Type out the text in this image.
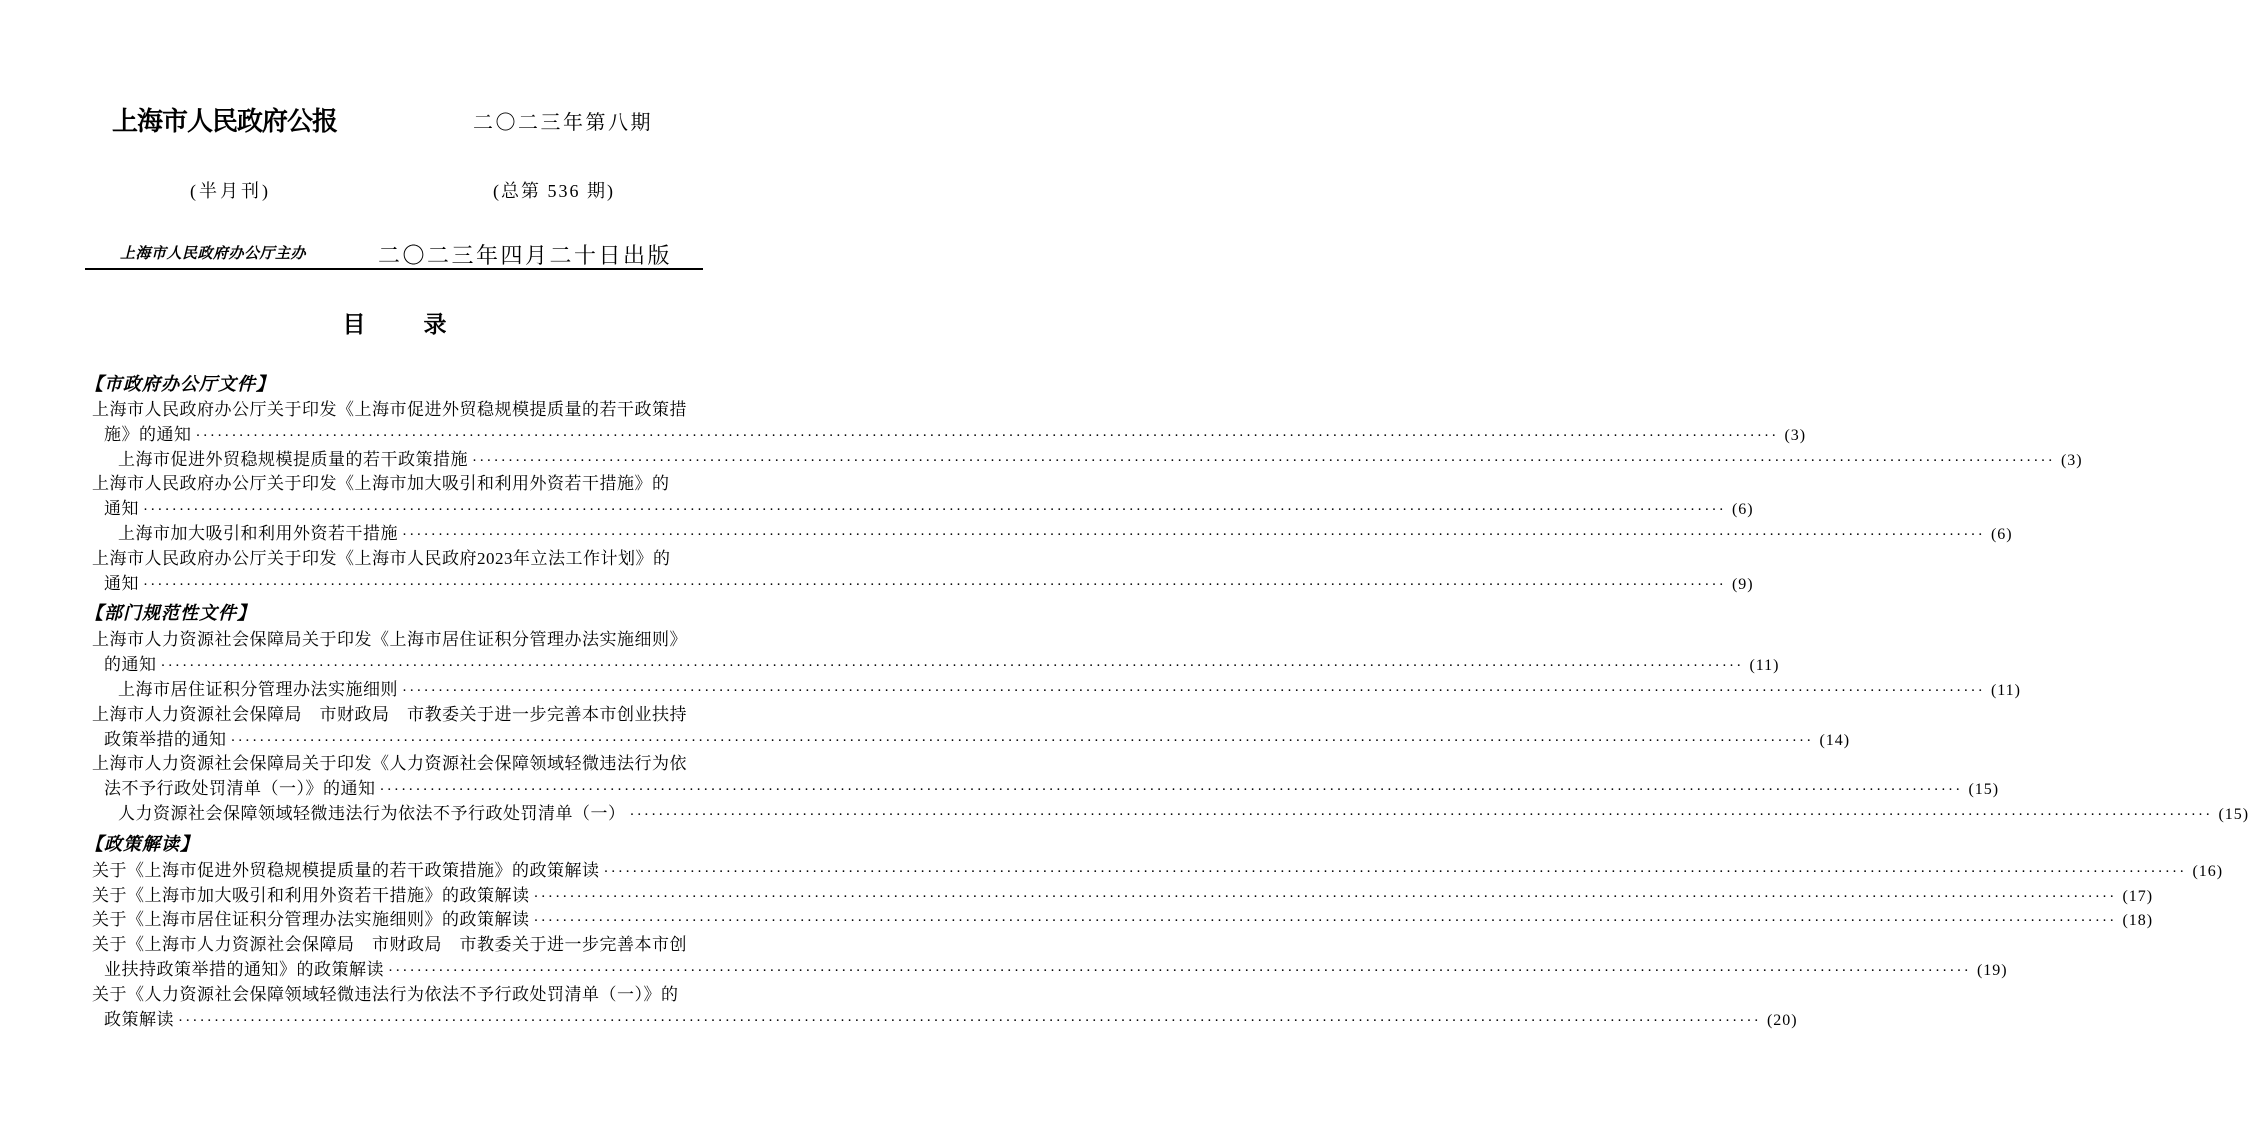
上海市人民政府公报	二〇二三年第八期
(半月刊)	(总第 536 期)
上海市人民政府办公厅主办	二〇二三年四月二十日出版
目　　录
【市政府办公厅文件】
上海市人民政府办公厅关于印发《上海市促进外贸稳规模提质量的若干政策措
施》的通知 ···························································································································································································································· (3)
上海市促进外贸稳规模提质量的若干政策措施 ···························································································································································································································· (3)
上海市人民政府办公厅关于印发《上海市加大吸引和利用外资若干措施》的
通知 ···························································································································································································································· (6)
上海市加大吸引和利用外资若干措施 ···························································································································································································································· (6)
上海市人民政府办公厅关于印发《上海市人民政府2023年立法工作计划》的
通知 ···························································································································································································································· (9)
【部门规范性文件】
上海市人力资源社会保障局关于印发《上海市居住证积分管理办法实施细则》
的通知 ···························································································································································································································· (11)
上海市居住证积分管理办法实施细则 ···························································································································································································································· (11)
上海市人力资源社会保障局　市财政局　市教委关于进一步完善本市创业扶持
政策举措的通知 ···························································································································································································································· (14)
上海市人力资源社会保障局关于印发《人力资源社会保障领域轻微违法行为依
法不予行政处罚清单（一）》的通知 ···························································································································································································································· (15)
人力资源社会保障领域轻微违法行为依法不予行政处罚清单（一） ···························································································································································································································· (15)
【政策解读】
关于《上海市促进外贸稳规模提质量的若干政策措施》的政策解读 ···························································································································································································································· (16)
关于《上海市加大吸引和利用外资若干措施》的政策解读 ···························································································································································································································· (17)
关于《上海市居住证积分管理办法实施细则》的政策解读 ···························································································································································································································· (18)
关于《上海市人力资源社会保障局　市财政局　市教委关于进一步完善本市创
业扶持政策举措的通知》的政策解读 ···························································································································································································································· (19)
关于《人力资源社会保障领域轻微违法行为依法不予行政处罚清单（一）》的
政策解读 ···························································································································································································································· (20)
